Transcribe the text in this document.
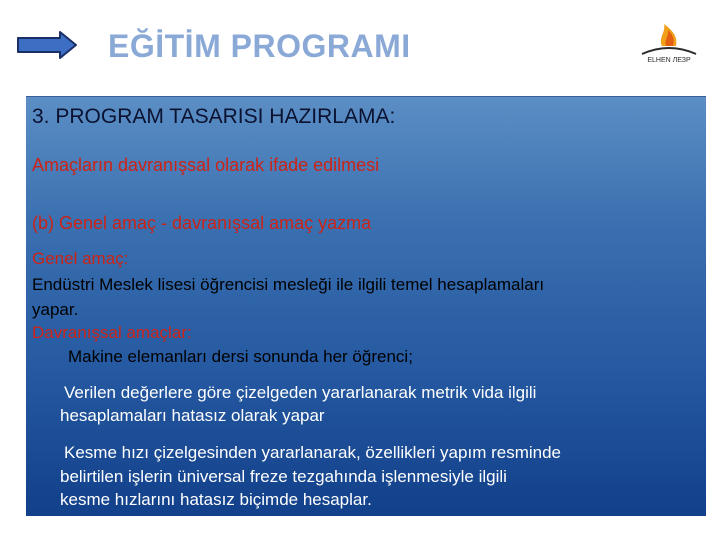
EĞİTİM PROGRAMI	ELHEN ЛЕЗР
3. PROGRAM TASARISI HAZIRLAMA:
Amaçların davranışsal olarak ifade edilmesi
(b) Genel amaç - davranışsal amaç yazma
Genel amaç:
Endüstri Meslek lisesi öğrencisi mesleği ile ilgili temel hesaplamaları
yapar.
Davranışsal amaçlar:
Makine elemanları dersi sonunda her öğrenci;
Verilen değerlere göre çizelgeden yararlanarak metrik vida ilgili
hesaplamaları hatasız olarak yapar
Kesme hızı çizelgesinden yararlanarak, özellikleri yapım resminde
belirtilen işlerin üniversal freze tezgahında işlenmesiyle ilgili
kesme hızlarını hatasız biçimde hesaplar.
